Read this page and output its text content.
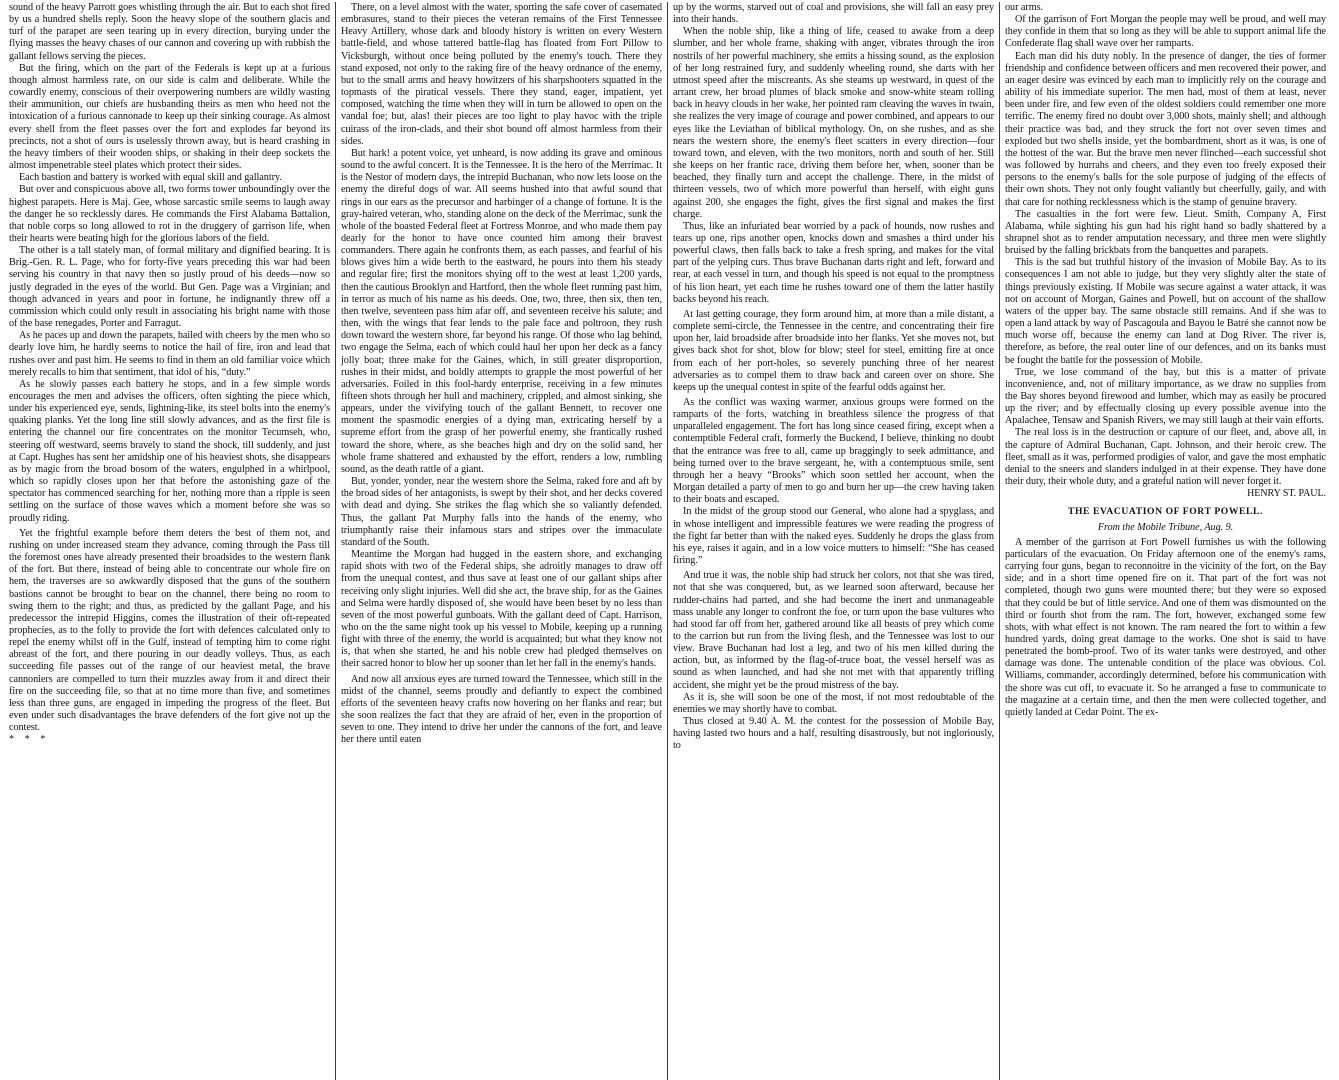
sound of the heavy Parrott goes whistling through the air. But to each shot fired by us a hundred shells reply. Soon the heavy slope of the southern glacis and turf of the parapet are seen tearing up in every direction, burying under the flying masses the heavy chases of our cannon and covering up with rubbish the gallant fellows serving the pieces.

But the firing, which on the part of the Federals is kept up at a furious though almost harmless rate, on our side is calm and deliberate. While the cowardly enemy, conscious of their overpowering numbers are wildly wasting their ammunition, our chiefs are husbanding theirs as men who heed not the intoxication of a furious cannonade to keep up their sinking courage. As almost every shell from the fleet passes over the fort and explodes far beyond its precincts, not a shot of ours is uselessly thrown away, but is heard crashing in the heavy timbers of their wooden ships, or shaking in their deep sockets the almost impenetrable steel plates which protect their sides.

Each bastion and battery is worked with equal skill and gallantry.

But over and conspicuous above all, two forms tower unboundingly over the highest parapets. Here is Maj. Gee, whose sarcastic smile seems to laugh away the danger he so recklessly dares. He commands the First Alabama Battalion, that noble corps so long allowed to rot in the druggery of garrison life, when their hearts were beating high for the glorious labors of the field.

The other is a tall stately man, of formal military and dignified bearing. It is Brig.-Gen. R. L. Page, who for forty-five years preceding this war had been serving his country in that navy then so justly proud of his deeds—now so justly degraded in the eyes of the world. But Gen. Page was a Virginian; and though advanced in years and poor in fortune, he indignantly threw off a commission which could only result in associating his bright name with those of the base renegades, Porter and Farragut.

As he paces up and down the parapets, hailed with cheers by the men who so dearly love him, he hardly seems to notice the hail of fire, iron and lead that rushes over and past him. He seems to find in them an old familiar voice which merely recalls to him that sentiment, that idol of his, “duty.”

As he slowly passes each battery he stops, and in a few simple words encourages the men and advises the officers, often sighting the piece which, under his experienced eye, sends, lightning-like, its steel bolts into the enemy's quaking planks. Yet the long line still slowly advances, and as the first file is entering the channel our fire concentrates on the monitor Tecumseh, who, steering off westward, seems bravely to stand the shock, till suddenly, and just at Capt. Hughes has sent her amidship one of his heaviest shots, she disappears as by magic from the broad bosom of the waters, engulphed in a whirlpool, which so rapidly closes upon her that before the astonishing gaze of the spectator has commenced searching for her, nothing more than a ripple is seen settling on the surface of those waves which a moment before she was so proudly riding.

Yet the frightful example before them deters the best of them not, and rushing on under increased steam they advance, coming through the Pass till the foremost ones have already presented their broadsides to the western flank of the fort. But there, instead of being able to concentrate our whole fire on hem, the traverses are so awkwardly disposed that the guns of the southern bastions cannot be brought to bear on the channel, there being no room to swing them to the right; and thus, as predicted by the gallant Page, and his predecessor the intrepid Higgins, comes the illustration of their oft-repeated prophecies, as to the folly to provide the fort with defences calculated only to repel the enemy whilst off in the Gulf, instead of tempting him to come right abreast of the fort, and there pouring in our deadly volleys. Thus, as each succeeding file passes out of the range of our heaviest metal, the brave cannoniers are compelled to turn their muzzles away from it and direct their fire on the succeeding file, so that at no time more than five, and sometimes less than three guns, are engaged in impeding the progress of the fleet. But even under such disadvantages the brave defenders of the fort give not up the contest.

* * *

There, on a level almost with the water, sporting the safe cover of casemated embrasures, stand to their pieces the veteran remains of the First Tennessee Heavy Artillery, whose dark and bloody history is written on every Western battle-field, and whose tattered battle-flag has floated from Fort Pillow to Vicksburgh, without once being polluted by the enemy's touch. There they stand exposed, not only to the raking fire of the heavy ordnance of the enemy, but to the small arms and heavy howitzers of his sharpshooters squatted in the topmasts of the piratical vessels. There they stand, eager, impatient, yet composed, watching the time when they will in turn be allowed to open on the vandal foe; but, alas! their pieces are too light to play havoc with the triple cuirass of the iron-clads, and their shot bound off almost harmless from their sides.

But hark! a potent voice, yet unheard, is now adding its grave and ominous sound to the awful concert. It is the Tennessee. It is the hero of the Merrimac. It is the Nestor of modern days, the intrepid Buchanan, who now lets loose on the enemy the direful dogs of war. All seems hushed into that awful sound that rings in our ears as the precursor and harbinger of a change of fortune. It is the gray-haired veteran, who, standing alone on the deck of the Merrimac, sunk the whole of the boasted Federal fleet at Fortress Monroe, and who made them pay dearly for the honor to have once counted him among their bravest commanders. There again he confronts them, as each passes, and fearful of his blows gives him a wide berth to the eastward, he pours into them his steady and regular fire; first the monitors shying off to the west at least 1,200 yards, then the cautious Brooklyn and Hartford, then the whole fleet running past him, in terror as much of his name as his deeds. One, two, three, then six, then ten, then twelve, seventeen pass him afar off, and seventeen receive his salute; and then, with the wings that fear lends to the pale face and poltroon, they rush down toward the western shore, far beyond his range. Of those who lag behind, two engage the Selma, each of which could haul her upon her deck as a fancy jolly boat; three make for the Gaines, which, in still greater disproportion, rushes in their midst, and boldly attempts to grapple the most powerful of her adversaries. Foiled in this fool-hardy enterprise, receiving in a few minutes fifteen shots through her hull and machinery, crippled, and almost sinking, she appears, under the vivifying touch of the gallant Bennett, to recover one moment the spasmodic energies of a dying man, extricating herself by a supreme effort from the grasp of her powerful enemy, she frantically rushed toward the shore, where, as she beaches high and dry on the solid sand, her whole frame shattered and exhausted by the effort, renders a low, rumbling sound, as the death rattle of a giant.

But, yonder, yonder, near the western shore the Selma, raked fore and aft by the broad sides of her antagonists, is swept by their shot, and her decks covered with dead and dying. She strikes the flag which she so valiantly defended. Thus, the gallant Pat Murphy falls into the hands of the enemy, who triumphantly raise their infamous stars and stripes over the immaculate standard of the South.

Meantime the Morgan had hugged in the eastern shore, and exchanging rapid shots with two of the Federal ships, she adroitly manages to draw off from the unequal contest, and thus save at least one of our gallant ships after receiving only slight injuries. Well did she act, the brave ship, for as the Gaines and Selma were hardly disposed of, she would have been beset by no less than seven of the most powerful gunboats. With the gallant deed of Capt. Harrison, who on the the same night took up his vessel to Mobile, keeping up a running fight with three of the enemy, the world is acquainted; but what they know not is, that when she started, he and his noble crew had pledged themselves on their sacred honor to blow her up sooner than let her fall in the enemy's hands.

And now all anxious eyes are turned toward the Tennessee, which still in the midst of the channel, seems proudly and defiantly to expect the combined efforts of the seventeen heavy crafts now hovering on her flanks and rear; but she soon realizes the fact that they are afraid of her, even in the proportion of seven to one. They intend to drive her under the cannons of the fort, and leave her there until eaten

up by the worms, starved out of coal and provisions, she will fall an easy prey into their hands.

When the noble ship, like a thing of life, ceased to awake from a deep slumber, and her whole frame, shaking with anger, vibrates through the iron nostrils of her powerful machinery, she emits a hissing sound, as the explosion of her long restrained fury, and suddenly wheeling round, she darts with her utmost speed after the miscreants. As she steams up westward, in quest of the arrant crew, her broad plumes of black smoke and snow-white steam rolling back in heavy clouds in her wake, her pointed ram cleaving the waves in twain, she realizes the very image of courage and power combined, and appears to our eyes like the Leviathan of biblical mythology. On, on she rushes, and as she nears the western shore, the enemy's fleet scatters in every direction—four toward town, and eleven, with the two monitors, north and south of her. Still she keeps on her frantic race, driving them before her, when, sooner than be beached, they finally turn and accept the challenge. There, in the midst of thirteen vessels, two of which more powerful than herself, with eight guns against 200, she engages the fight, gives the first signal and makes the first charge.

Thus, like an infuriated bear worried by a pack of hounds, now rushes and tears up one, rips another open, knocks down and smashes a third under his powerful claws, then falls back to take a fresh spring, and makes for the vital part of the yelping curs. Thus brave Buchanan darts right and left, forward and rear, at each vessel in turn, and though his speed is not equal to the promptness of his lion heart, yet each time he rushes toward one of them the latter hastily backs beyond his reach.

At last getting courage, they form around him, at more than a mile distant, a complete semi-circle, the Tennessee in the centre, and concentrating their fire upon her, laid broadside after broadside into her flanks. Yet she moves not, but gives back shot for shot, blow for blow; steel for steel, emitting fire at once from each of her port-holes, so severely punching three of her nearest adversaries as to compel them to draw back and careen over on shore. She keeps up the unequal contest in spite of the fearful odds against her.

As the conflict was waxing warmer, anxious groups were formed on the ramparts of the forts, watching in breathless silence the progress of that unparalleled engagement. The fort has long since ceased firing, except when a contemptible Federal craft, formerly the Buckend, I believe, thinking no doubt that the entrance was free to all, came up braggingly to seek admittance, and being turned over to the brave sergeant, he, with a contemptuous smile, sent through her a heavy “Brooks” which soon settled her account, when the Morgan detailed a party of men to go and burn her up—the crew having taken to their boats and escaped.

In the midst of the group stood our General, who alone had a spyglass, and in whose intelligent and impressible features we were reading the progress of the fight far better than with the naked eyes. Suddenly he drops the glass from his eye, raises it again, and in a low voice mutters to himself: “She has ceased firing.”

And true it was, the noble ship had struck her colors, not that she was tired, not that she was conquered, but, as we learned soon afterward, because her rudder-chains had parted, and she had become the inert and unmanageable mass unable any longer to confront the foe, or turn upon the base vultures who had stood far off from her, gathered around like all beasts of prey which come to the carrion but run from the living flesh, and the Tennessee was lost to our view. Brave Buchanan had lost a leg, and two of his men killed during the action, but, as informed by the flag-of-truce boat, the vessel herself was as sound as when launched, and had she not met with that apparently trifling accident, she might yet be the proud mistress of the bay.

As it is, she will soon be one of the most, if not most redoubtable of the enemies we may shortly have to combat.

Thus closed at 9.40 A. M. the contest for the possession of Mobile Bay, having lasted two hours and a half, resulting disastrously, but not ingloriously, to

our arms.

Of the garrison of Fort Morgan the people may well be proud, and well may they confide in them that so long as they will be able to support animal life the Confederate flag shall wave over her ramparts.

Each man did his duty nobly. In the presence of danger, the ties of former friendship and confidence between officers and men recovered their power, and an eager desire was evinced by each man to implicitly rely on the courage and ability of his immediate superior. The men had, most of them at least, never been under fire, and few even of the oldest soldiers could remember one more terrific. The enemy fired no doubt over 3,000 shots, mainly shell; and although their practice was bad, and they struck the fort not over seven times and exploded but two shells inside, yet the bombardment, short as it was, is one of the hottest of the war. But the brave men never flinched—each successful shot was followed by hurrahs and cheers, and they even too freely exposed their persons to the enemy's balls for the sole purpose of judging of the effects of their own shots. They not only fought valiantly but cheerfully, gaily, and with that care for nothing recklessness which is the stamp of genuine bravery.

The casualties in the fort were few. Lieut. Smith, Company A, First Alabama, while sighting his gun had his right hand so badly shattered by a shrapnel shot as to render amputation necessary, and three men were slightly bruised by the falling brickbats from the banquettes and parapets.

This is the sad but truthful history of the invasion of Mobile Bay. As to its consequences I am not able to judge, but they very slightly alter the state of things previously existing. If Mobile was secure against a water attack, it was not on account of Morgan, Gaines and Powell, but on account of the shallow waters of the upper bay. The same obstacle still remains. And if she was to open a land attack by way of Pascagoula and Bayou le Batré she cannot now be much worse off, because the enemy can land at Dog River. The river is, therefore, as before, the real outer line of our defences, and on its banks must be fought the battle for the possession of Mobile.

True, we lose command of the bay, but this is a matter of private inconvenience, and, not of military importance, as we draw no supplies from the Bay shores beyond firewood and lumber, which may as easily be procured up the river; and by effectually closing up every possible avenue into the Apalachee, Tensaw and Spanish Rivers, we may still laugh at their vain efforts.

The real loss is in the destruction or capture of our fleet, and, above all, in the capture of Admiral Buchanan, Capt. Johnson, and their heroic crew. The fleet, small as it was, performed prodigies of valor, and gave the most emphatic denial to the sneers and slanders indulged in at their expense. They have done their duty, their whole duty, and a grateful nation will never forget it.

HENRY ST. PAUL.
THE EVACUATION OF FORT POWELL.
From the Mobile Tribune, Aug. 9.

A member of the garrison at Fort Powell furnishes us with the following particulars of the evacuation. On Friday afternoon one of the enemy's rams, carrying four guns, began to reconnoitre in the vicinity of the fort, on the Bay side; and in a short time opened fire on it. That part of the fort was not completed, though two guns were mounted there; but they were so exposed that they could be but of little service. And one of them was dismounted on the third or fourth shot from the ram. The fort, however, exchanged some few shots, with what effect is not known. The ram neared the fort to within a few hundred yards, doing great damage to the works. One shot is said to have penetrated the bomb-proof. Two of its water tanks were destroyed, and other damage was done. The untenable condition of the place was obvious. Col. Williams, commander, accordingly determined, before his communication with the shore was cut off, to evacuate it. So he arranged a fuse to communicate to the magazine at a certain time, and then the men were collected together, and quietly landed at Cedar Point. The ex-
